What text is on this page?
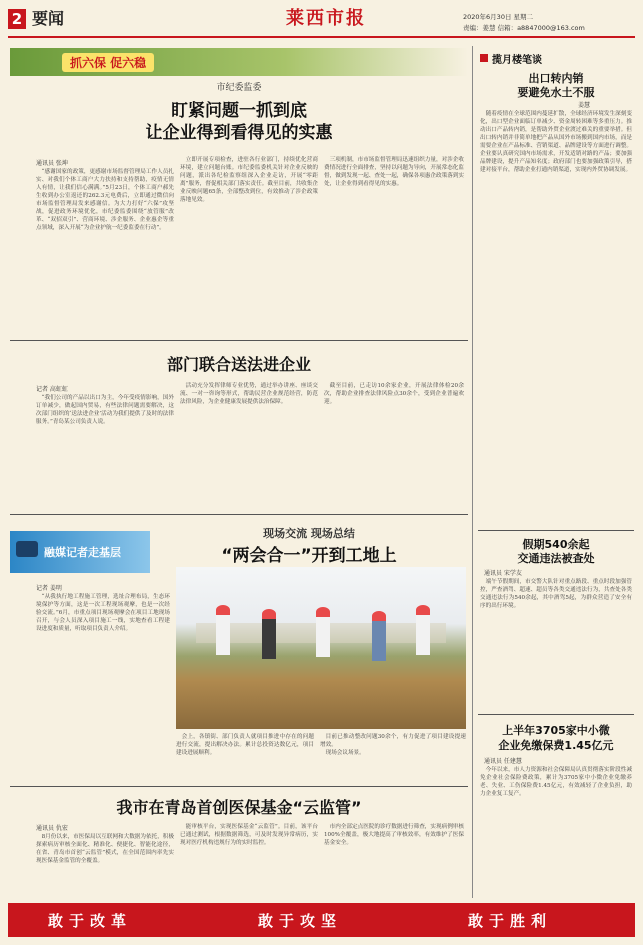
2 要闻	莱西市报	2020年6月30日 星期二
责编：姜慧 信箱：a8847000@163.com
抓六保 促六稳
市纪委监委
盯紧问题一抓到底
让企业得到看得见的实惠
通讯员 张坤

“感谢国家的政策，更感谢市场监督管理局工作人员扎实、对我们个体工商户大力扶持和支持帮助，疫情无情人有情，让我们信心满满。”5月23日，个体工商户郝先生收到办公室返还的262.3元电费后，立即通过微信向市场监督管理局发来感谢信。为大力打好“六保”攻坚战，促进政务环境优化，市纪委监委围绕“放管服”改革、“双招双引”、营商环境、涉企服务、企业惠企等重点领域，深入开展“为企业护航一纪委监委在行动”。

立即开展专项检查，进驻各行业部门，持续优化营商环境，建立问题台账。市纪委监委机关针对企业反映的问题，派出各纪检监察组深入企业走访，开展“零距离”服务，督促相关部门落实责任。截至目前，共收集企业反映问题65条，全部整改到位，有效推动了涉企政策落地见效。

三项机制，市市场监督管理局迅速组织力量，对涉企收费情况进行全面排查，坚持以问题为导向，开展常态化监督，做到发现一起、查处一起，确保各项惠企政策落到实处，让企业得到看得见的实惠。

部门联合送法进企业
记者 高虹虹

“我们公司的产品以出口为主，今年受疫情影响，国外订单减少，做起国内贸易，有些法律问题需要解决，这次部门组织的‘送法进企业’活动为我们提供了及时的法律服务。”青岛某公司负责人说。

活动充分发挥律师专业优势，通过举办讲座、座谈交流、一对一咨询等形式，帮助民营企业规范经营，防范法律风险，为企业健康发展提供法治保障。

截至目前，已走访10余家企业，开展法律体检20余次，帮助企业排查法律风险点30余个，受到企业普遍欢迎。

融媒记者走基层
现场交流 现场总结
“两会合一”开到工地上
记者 姜明

“从我执行地工程施工管理，选址合理布局，生态环境保护等方面，这是一次工程现场观摩，也是一次经验交流。”6月，市重点项目现场观摩会在项目工地现场召开，与会人员深入项目施工一线，实地查看工程建设进度和质量，听取项目负责人介绍。

会上，各镇街、部门负责人就项目推进中存在的问题进行交流，提出解决办法。累计总投资达数亿元，项目建设进展顺利。

目前已推动整改问题30余个，有力促进了项目建设提速增效。

现场会议场景。

我市在青岛首创医保基金“云监管”
通讯员 仇宏

8月份以来，市医保局以互联网和大数据为依托，积极探索病历审核全面化、精准化、便捷化、智能化途径，在省、青岛市首创“云监管”模式，在全国范围内率先实现医保基金监管的全覆盖。

能审核平台，实现医保基金“云监管”。目前，该平台已通过测试，根据数据筛选，可及时发现异常病历，实现对医疗机构违规行为的实时监控。

市内全部定点医院的诊疗数据进行筛查，实现病例审核100%全覆盖，极大地提高了审核效率，有效维护了医保基金安全。

揽月楼笔谈
出口转内销
要避免水土不服
姜慧

随着疫情在全球范围内蔓延扩散，全球经济环境发生深刻变化，出口型企业面临订单减少、资金周转困难等多重压力。推动出口产品转内销，是帮助外贸企业渡过难关的重要举措。但出口转内销并非简单地把产品从国外市场搬到国内市场，而是需要企业在产品标准、营销渠道、品牌建设等方面进行调整。企业要认真研究国内市场需求，开发适销对路的产品；要加强品牌建设，提升产品知名度；政府部门也要加强政策引导，搭建对接平台，帮助企业打通内销渠道，实现内外贸协调发展。

假期540余起
交通违法被查处
通讯员 宋学友

端午节假期间，市交警大队针对重点路段、重点时段加强管控，严查酒驾、超速、超员等各类交通违法行为，共查处各类交通违法行为540余起，其中酒驾5起，为群众营造了安全有序的出行环境。

上半年3705家中小微
企业免缴保费1.45亿元
通讯员 任建慧

今年以来，市人力资源和社会保障局认真贯彻落实阶段性减免企业社会保险费政策，累计为3705家中小微企业免缴养老、失业、工伤保险费1.45亿元，有效减轻了企业负担，助力企业复工复产。

敢于改革	敢于攻坚	敢于胜利
